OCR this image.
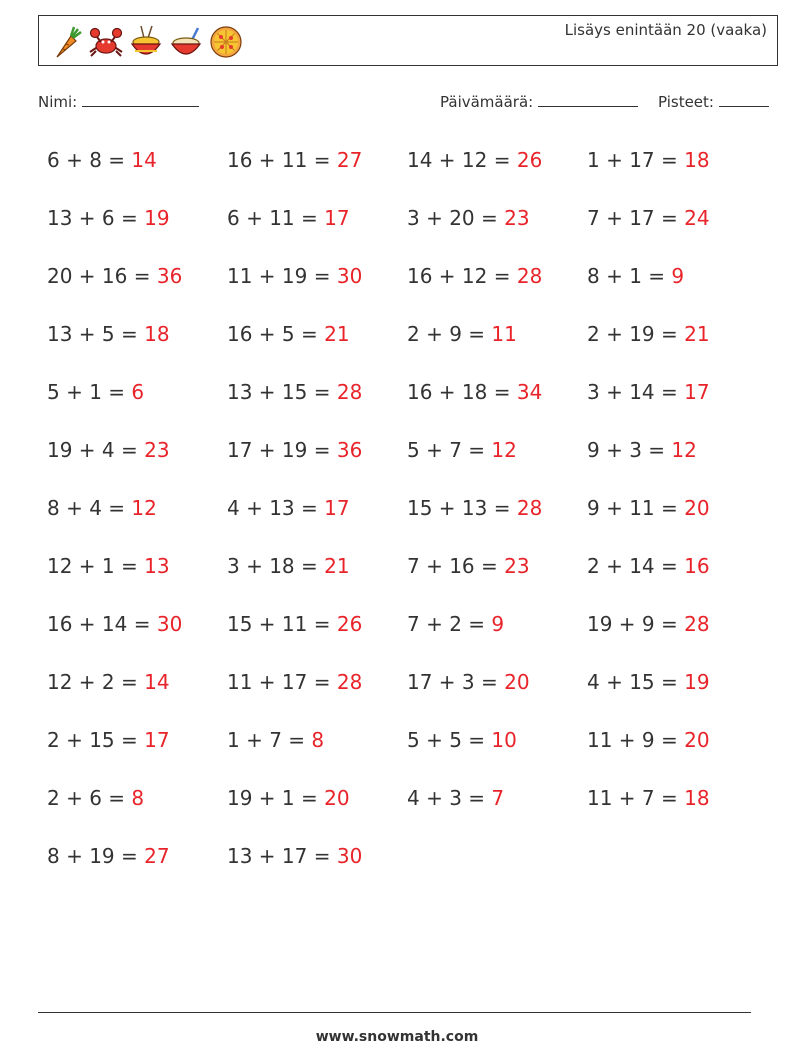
Lisäys enintään 20 (vaaka)
Nimi:	Päivämäärä:	Pisteet:
6 + 8 = 14	16 + 11 = 27	14 + 12 = 26	1 + 17 = 18
13 + 6 = 19	6 + 11 = 17	3 + 20 = 23	7 + 17 = 24
20 + 16 = 36	11 + 19 = 30	16 + 12 = 28	8 + 1 = 9
13 + 5 = 18	16 + 5 = 21	2 + 9 = 11	2 + 19 = 21
5 + 1 = 6	13 + 15 = 28	16 + 18 = 34	3 + 14 = 17
19 + 4 = 23	17 + 19 = 36	5 + 7 = 12	9 + 3 = 12
8 + 4 = 12	4 + 13 = 17	15 + 13 = 28	9 + 11 = 20
12 + 1 = 13	3 + 18 = 21	7 + 16 = 23	2 + 14 = 16
16 + 14 = 30	15 + 11 = 26	7 + 2 = 9	19 + 9 = 28
12 + 2 = 14	11 + 17 = 28	17 + 3 = 20	4 + 15 = 19
2 + 15 = 17	1 + 7 = 8	5 + 5 = 10	11 + 9 = 20
2 + 6 = 8	19 + 1 = 20	4 + 3 = 7	11 + 7 = 18
8 + 19 = 27	13 + 17 = 30
www.snowmath.com
